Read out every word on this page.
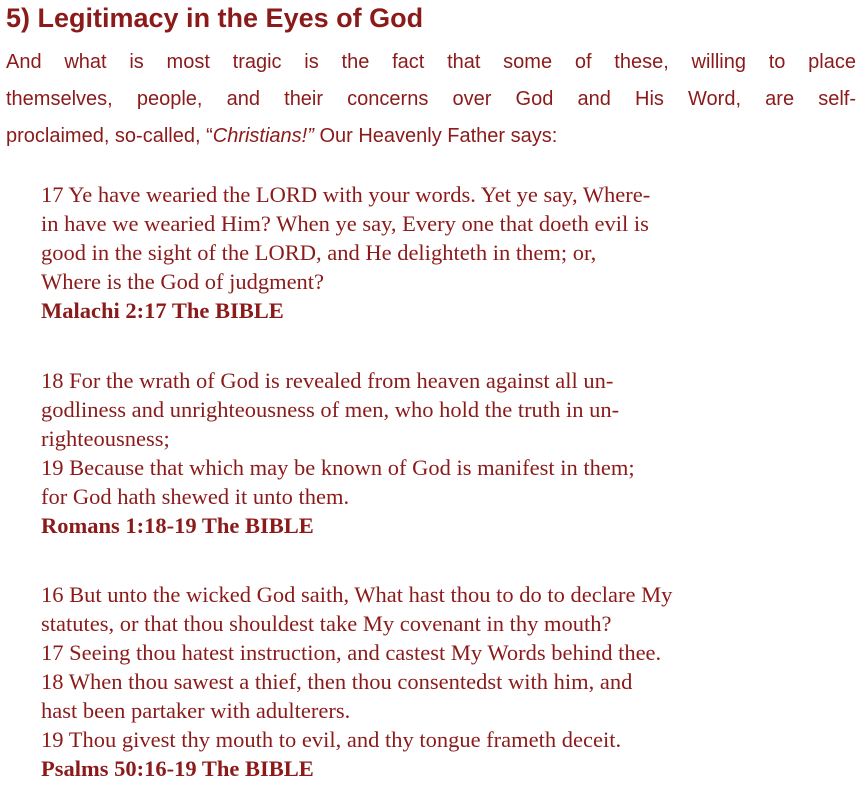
5) Legitimacy in the Eyes of God
And what is most tragic is the fact that some of these, willing to place
themselves, people, and their concerns over God and His Word, are self-
proclaimed, so-called, “Christians!” Our Heavenly Father says:
17 Ye have wearied the LORD with your words. Yet ye say, Where-
in have we wearied Him? When ye say, Every one that doeth evil is
good in the sight of the LORD, and He delighteth in them; or,
Where is the God of judgment?
Malachi 2:17 The BIBLE
18 For the wrath of God is revealed from heaven against all un-
godliness and unrighteousness of men, who hold the truth in un-
righteousness;
19 Because that which may be known of God is manifest in them;
for God hath shewed it unto them.
Romans 1:18-19 The BIBLE
16 But unto the wicked God saith, What hast thou to do to declare My
statutes, or that thou shouldest take My covenant in thy mouth?
17 Seeing thou hatest instruction, and castest My Words behind thee.
18 When thou sawest a thief, then thou consentedst with him, and
hast been partaker with adulterers.
19 Thou givest thy mouth to evil, and thy tongue frameth deceit.
Psalms 50:16-19 The BIBLE
